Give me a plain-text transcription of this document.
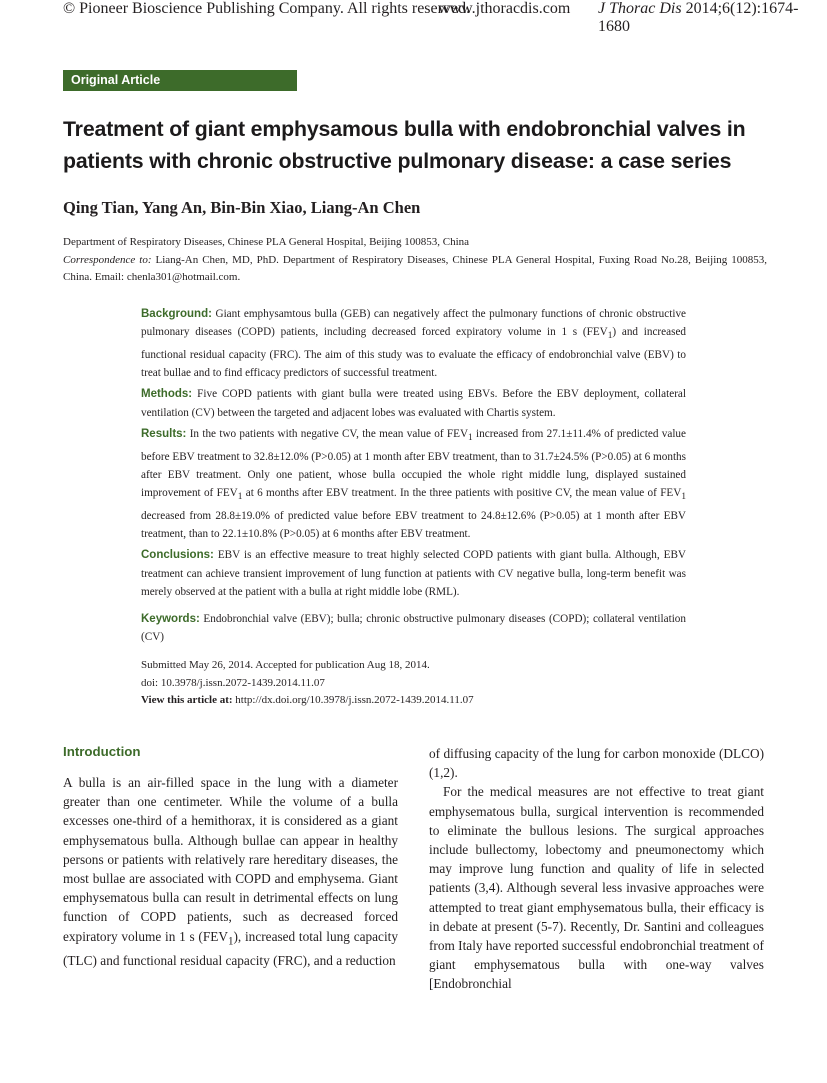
Original Article
Treatment of giant emphysamous bulla with endobronchial valves in patients with chronic obstructive pulmonary disease: a case series
Qing Tian, Yang An, Bin-Bin Xiao, Liang-An Chen
Department of Respiratory Diseases, Chinese PLA General Hospital, Beijing 100853, China
Correspondence to: Liang-An Chen, MD, PhD. Department of Respiratory Diseases, Chinese PLA General Hospital, Fuxing Road No.28, Beijing 100853, China. Email: chenla301@hotmail.com.

Background: Giant emphysamtous bulla (GEB) can negatively affect the pulmonary functions of chronic obstructive pulmonary diseases (COPD) patients, including decreased forced expiratory volume in 1 s $(FEV_1)$ and increased functional residual capacity (FRC). The aim of this study was to evaluate the efficacy of endobronchial valve (EBV) to treat bullae and to find efficacy predictors of successful treatment.

Methods: Five COPD patients with giant bulla were treated using EBVs. Before the EBV deployment, collateral ventilation (CV) between the targeted and adjacent lobes was evaluated with Chartis system.

Results: In the two patients with negative CV, the mean value of $FEV_1$ increased from 27.1±11.4% of predicted value before EBV treatment to 32.8±12.0% (P>0.05) at 1 month after EBV treatment, than to 31.7±24.5% (P>0.05) at 6 months after EBV treatment. Only one patient, whose bulla occupied the whole right middle lung, displayed sustained improvement of $FEV_1$ at 6 months after EBV treatment. In the three patients with positive CV, the mean value of $FEV_1$ decreased from 28.8±19.0% of predicted value before EBV treatment to 24.8±12.6% (P>0.05) at 1 month after EBV treatment, than to 22.1±10.8% (P>0.05) at 6 months after EBV treatment.

Conclusions: EBV is an effective measure to treat highly selected COPD patients with giant bulla. Although, EBV treatment can achieve transient improvement of lung function at patients with CV negative bulla, long-term benefit was merely observed at the patient with a bulla at right middle lobe (RML).

Keywords: Endobronchial valve (EBV); bulla; chronic obstructive pulmonary diseases (COPD); collateral ventilation (CV)

Submitted May 26, 2014. Accepted for publication Aug 18, 2014.
doi: 10.3978/j.issn.2072-1439.2014.11.07
View this article at: http://dx.doi.org/10.3978/j.issn.2072-1439.2014.11.07
Introduction

A bulla is an air-filled space in the lung with a diameter greater than one centimeter. While the volume of a bulla excesses one-third of a hemithorax, it is considered as a giant emphysematous bulla. Although bullae can appear in healthy persons or patients with relatively rare hereditary diseases, the most bullae are associated with COPD and emphysema. Giant emphysematous bulla can result in detrimental effects on lung function of COPD patients, such as decreased forced expiratory volume in 1 s $(FEV_1)$, increased total lung capacity (TLC) and functional residual capacity (FRC), and a reduction

of diffusing capacity of the lung for carbon monoxide (DLCO) (1,2).

For the medical measures are not effective to treat giant emphysematous bulla, surgical intervention is recommended to eliminate the bullous lesions. The surgical approaches include bullectomy, lobectomy and pneumonectomy which may improve lung function and quality of life in selected patients (3,4). Although several less invasive approaches were attempted to treat giant emphysematous bulla, their efficacy is in debate at present (5-7). Recently, Dr. Santini and colleagues from Italy have reported successful endobronchial treatment of giant emphysematous bulla with one-way valves [Endobronchial

© Pioneer Bioscience Publishing Company. All rights reserved.
www.jthoracdis.com J Thorac Dis 2014;6(12):1674-1680
